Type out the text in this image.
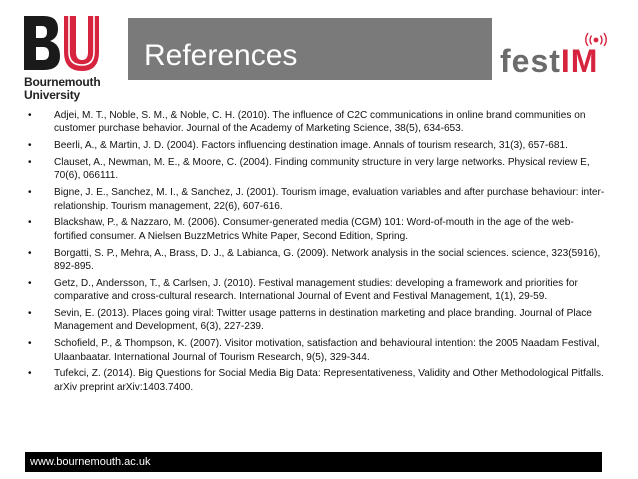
Bournemouth
University
References	festIM
• Adjei, M. T., Noble, S. M., & Noble, C. H. (2010). The influence of C2C communications in online brand communities on customer purchase behavior. Journal of the Academy of Marketing Science, 38(5), 634-653.
• Beerli, A., & Martin, J. D. (2004). Factors influencing destination image. Annals of tourism research, 31(3), 657-681.
• Clauset, A., Newman, M. E., & Moore, C. (2004). Finding community structure in very large networks. Physical review E, 70(6), 066111.
• Bigne, J. E., Sanchez, M. I., & Sanchez, J. (2001). Tourism image, evaluation variables and after purchase behaviour: inter-relationship. Tourism management, 22(6), 607-616.
• Blackshaw, P., & Nazzaro, M. (2006). Consumer-generated media (CGM) 101: Word-of-mouth in the age of the web-fortified consumer. A Nielsen BuzzMetrics White Paper, Second Edition, Spring.
• Borgatti, S. P., Mehra, A., Brass, D. J., & Labianca, G. (2009). Network analysis in the social sciences. science, 323(5916), 892-895.
• Getz, D., Andersson, T., & Carlsen, J. (2010). Festival management studies: developing a framework and priorities for comparative and cross-cultural research. International Journal of Event and Festival Management, 1(1), 29-59.
• Sevin, E. (2013). Places going viral: Twitter usage patterns in destination marketing and place branding. Journal of Place Management and Development, 6(3), 227-239.
• Schofield, P., & Thompson, K. (2007). Visitor motivation, satisfaction and behavioural intention: the 2005 Naadam Festival, Ulaanbaatar. International Journal of Tourism Research, 9(5), 329-344.
• Tufekci, Z. (2014). Big Questions for Social Media Big Data: Representativeness, Validity and Other Methodological Pitfalls. arXiv preprint arXiv:1403.7400.
www.bournemouth.ac.uk
